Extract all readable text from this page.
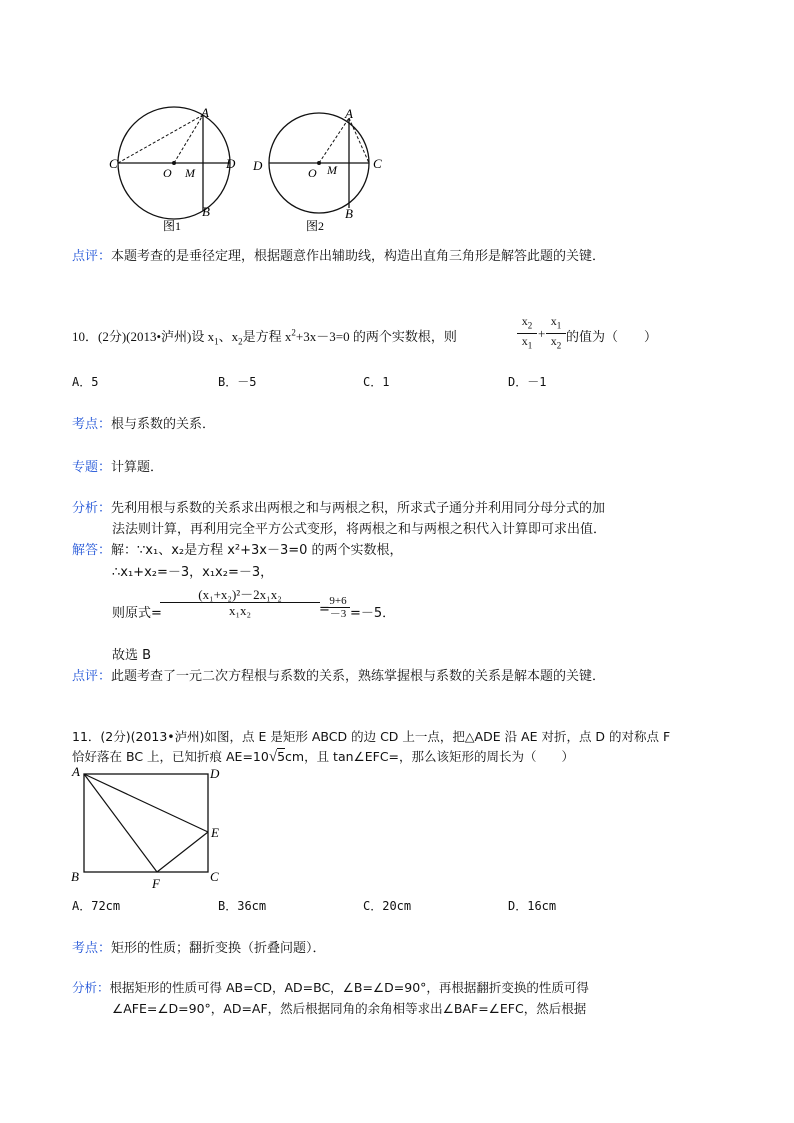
A
C	D
O M
B
图1
A
D	C
O M
B
图2
点评：本题考查的是垂径定理，根据题意作出辅助线，构造出直角三角形是解答此题的关键．
10．(2分)(2013•泸州)设 $x_1$、$x_2$是方程 $x^2+3x-3=0$ 的两个实数根，则
$x_2$
$x_1$
+
$x_1$
$x_2$
的值为（　　）
A．5	B．－5	C．1	D．－1
考点：根与系数的关系．
专题：计算题．
分析：先利用根与系数的关系求出两根之和与两根之积，所求式子通分并利用同分母分式的加
法法则计算，再利用完全平方公式变形，将两根之和与两根之积代入计算即可求出值．
解答：解：∵x₁、x₂是方程 x²+3x－3=0 的两个实数根，
∴x₁+x₂=－3，x₁x₂=－3，
则原式=
(x₁+x₂)²－2x₁x₂
x₁x₂	=
9+6
－3 =－5．
故选 B
点评：此题考查了一元二次方程根与系数的关系，熟练掌握根与系数的关系是解本题的关键．
11．(2分)(2013•泸州)如图，点 E 是矩形 ABCD 的边 CD 上一点，把△ADE 沿 AE 对折，点 D 的对称点 F
恰好落在 BC 上，已知折痕 AE=10√5cm，且 tan∠EFC=，那么该矩形的周长为（　　）
A	D
E
B	C
F
A．72cm	B．36cm	C．20cm	D．16cm
考点：矩形的性质；翻折变换（折叠问题）．
分析：根据矩形的性质可得 AB=CD，AD=BC，∠B=∠D=90°，再根据翻折变换的性质可得
∠AFE=∠D=90°，AD=AF，然后根据同角的余角相等求出∠BAF=∠EFC，然后根据
